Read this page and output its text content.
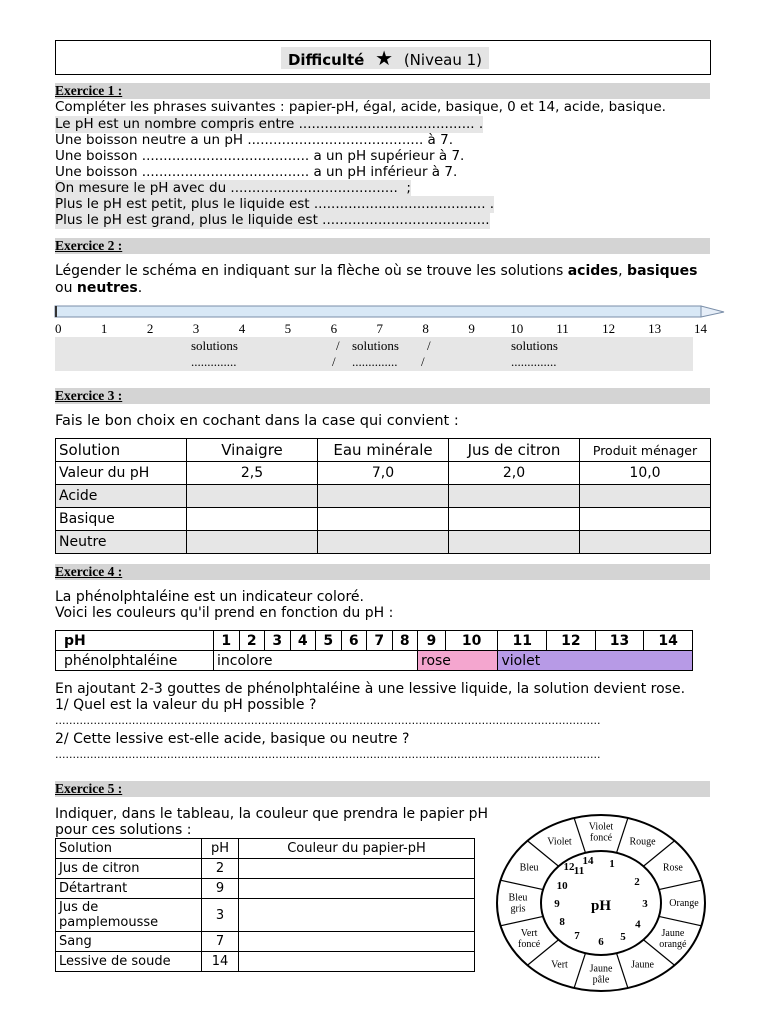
Difficulté ★ (Niveau 1)
Exercice 1 :
Compléter les phrases suivantes : papier-pH, égal, acide, basique, 0 et 14, acide, basique.
Le pH est un nombre compris entre ......................................... .
Une boisson neutre a un pH ......................................... à 7.
Une boisson ....................................... a un pH supérieur à 7.
Une boisson ....................................... a un pH inférieur à 7.
On mesure le pH avec du .......................................  ;
Plus le pH est petit, plus le liquide est ........................................ .
Plus le pH est grand, plus le liquide est .......................................
Exercice 2 :
Légender le schéma en indiquant sur la flèche où se trouve les solutions acides, basiques
ou neutres.
0	1	2	3	4	5	6	7	8	9	10	11	12	13	14
solutions
..............
/
/
solutions
..............
/
/
solutions
..............
Exercice 3 :
Fais le bon choix en cochant dans la case qui convient :
Solution	Vinaigre	Eau minérale	Jus de citron	Produit ménager
Valeur du pH	2,5	7,0	2,0	10,0
Acide				
Basique				
Neutre				
Exercice 4 :
La phénolphtaléine est un indicateur coloré.
Voici les couleurs qu'il prend en fonction du pH :
pH	1	2	3	4	5	6	7	8	9	10	11	12	13	14
phénolphtaléine	incolore								rose		violet			
En ajoutant 2-3 gouttes de phénolphtaléine à une lessive liquide, la solution devient rose.
1/ Quel est la valeur du pH possible ?
............................................................................................................................................................
2/ Cette lessive est-elle acide, basique ou neutre ?
............................................................................................................................................................
Exercice 5 :
Indiquer, dans le tableau, la couleur que prendra le papier pH
pour ces solutions :
Solution	pH	Couleur du papier-pH
Jus de citron	2	
Détartrant	9	
Jus de pamplemousse	3	
Sang	7	
Lessive de soude	14	
pH
1
2
3
4
5
6
7
8
9
10
11
12 14
Violet foncé Rouge
Rose
Orange
Jaune orangé
Jaune
Jaune pâle
Vert
Vert foncé
Bleu gris
Bleu
Violet
